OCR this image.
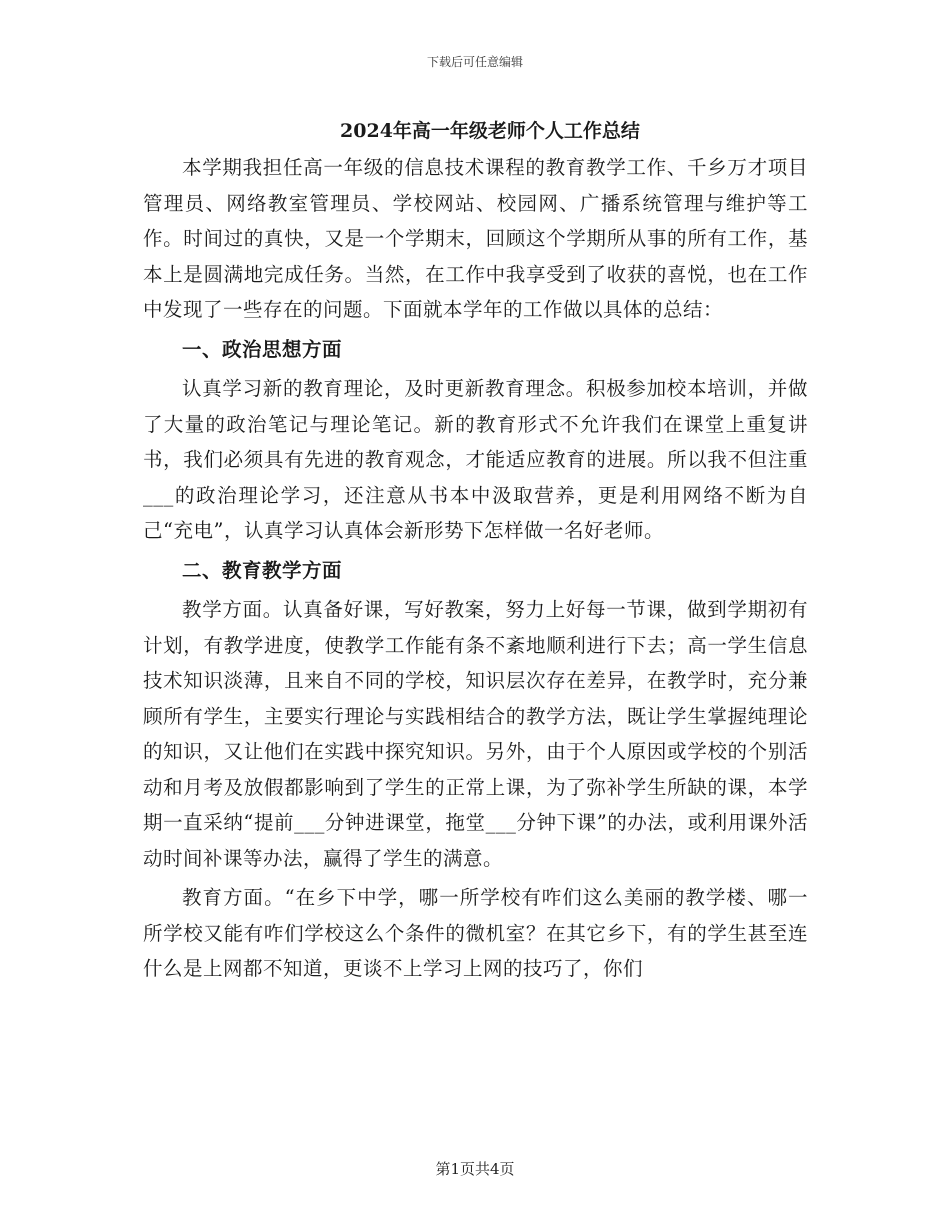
下载后可任意编辑
2024年高一年级老师个人工作总结

本学期我担任高一年级的信息技术课程的教育教学工作、千乡万才项目管理员、网络教室管理员、学校网站、校园网、广播系统管理与维护等工作。时间过的真快，又是一个学期末，回顾这个学期所从事的所有工作，基本上是圆满地完成任务。当然，在工作中我享受到了收获的喜悦，也在工作中发现了一些存在的问题。下面就本学年的工作做以具体的总结：

一、政治思想方面

认真学习新的教育理论，及时更新教育理念。积极参加校本培训，并做了大量的政治笔记与理论笔记。新的教育形式不允许我们在课堂上重复讲书，我们必须具有先进的教育观念，才能适应教育的进展。所以我不但注重___的政治理论学习，还注意从书本中汲取营养，更是利用网络不断为自己“充电”，认真学习认真体会新形势下怎样做一名好老师。

二、教育教学方面

教学方面。认真备好课，写好教案，努力上好每一节课，做到学期初有计划，有教学进度，使教学工作能有条不紊地顺利进行下去；高一学生信息技术知识淡薄，且来自不同的学校，知识层次存在差异，在教学时，充分兼顾所有学生，主要实行理论与实践相结合的教学方法，既让学生掌握纯理论的知识，又让他们在实践中探究知识。另外，由于个人原因或学校的个别活动和月考及放假都影响到了学生的正常上课，为了弥补学生所缺的课，本学期一直采纳“提前___分钟进课堂，拖堂___分钟下课”的办法，或利用课外活动时间补课等办法，赢得了学生的满意。

教育方面。“在乡下中学，哪一所学校有咋们这么美丽的教学楼、哪一所学校又能有咋们学校这么个条件的微机室？在其它乡下，有的学生甚至连什么是上网都不知道，更谈不上学习上网的技巧了，你们

第1页共4页
